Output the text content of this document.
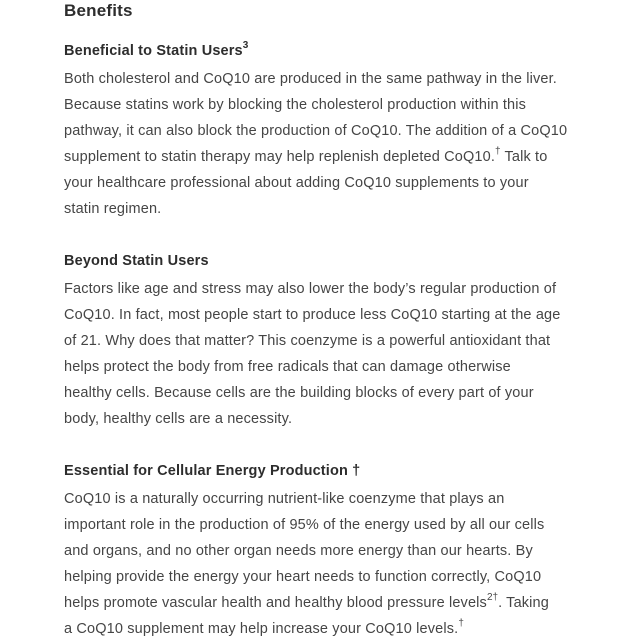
Benefits
Beneficial to Statin Users$^3$

Both cholesterol and CoQ10 are produced in the same pathway in the liver.
Because statins work by blocking the cholesterol production within this
pathway, it can also block the production of CoQ10. The addition of a CoQ10
supplement to statin therapy may help replenish depleted CoQ10.† Talk to
your healthcare professional about adding CoQ10 supplements to your
statin regimen.

Beyond Statin Users

Factors like age and stress may also lower the body’s regular production of
CoQ10. In fact, most people start to produce less CoQ10 starting at the age
of 21. Why does that matter? This coenzyme is a powerful antioxidant that
helps protect the body from free radicals that can damage otherwise
healthy cells. Because cells are the building blocks of every part of your
body, healthy cells are a necessity.

Essential for Cellular Energy Production †

CoQ10 is a naturally occurring nutrient-like coenzyme that plays an
important role in the production of 95% of the energy used by all our cells
and organs, and no other organ needs more energy than our hearts. By
helping provide the energy your heart needs to function correctly, CoQ10
helps promote vascular health and healthy blood pressure levels$^{2\dagger}$. Taking
a CoQ10 supplement may help increase your CoQ10 levels.†
